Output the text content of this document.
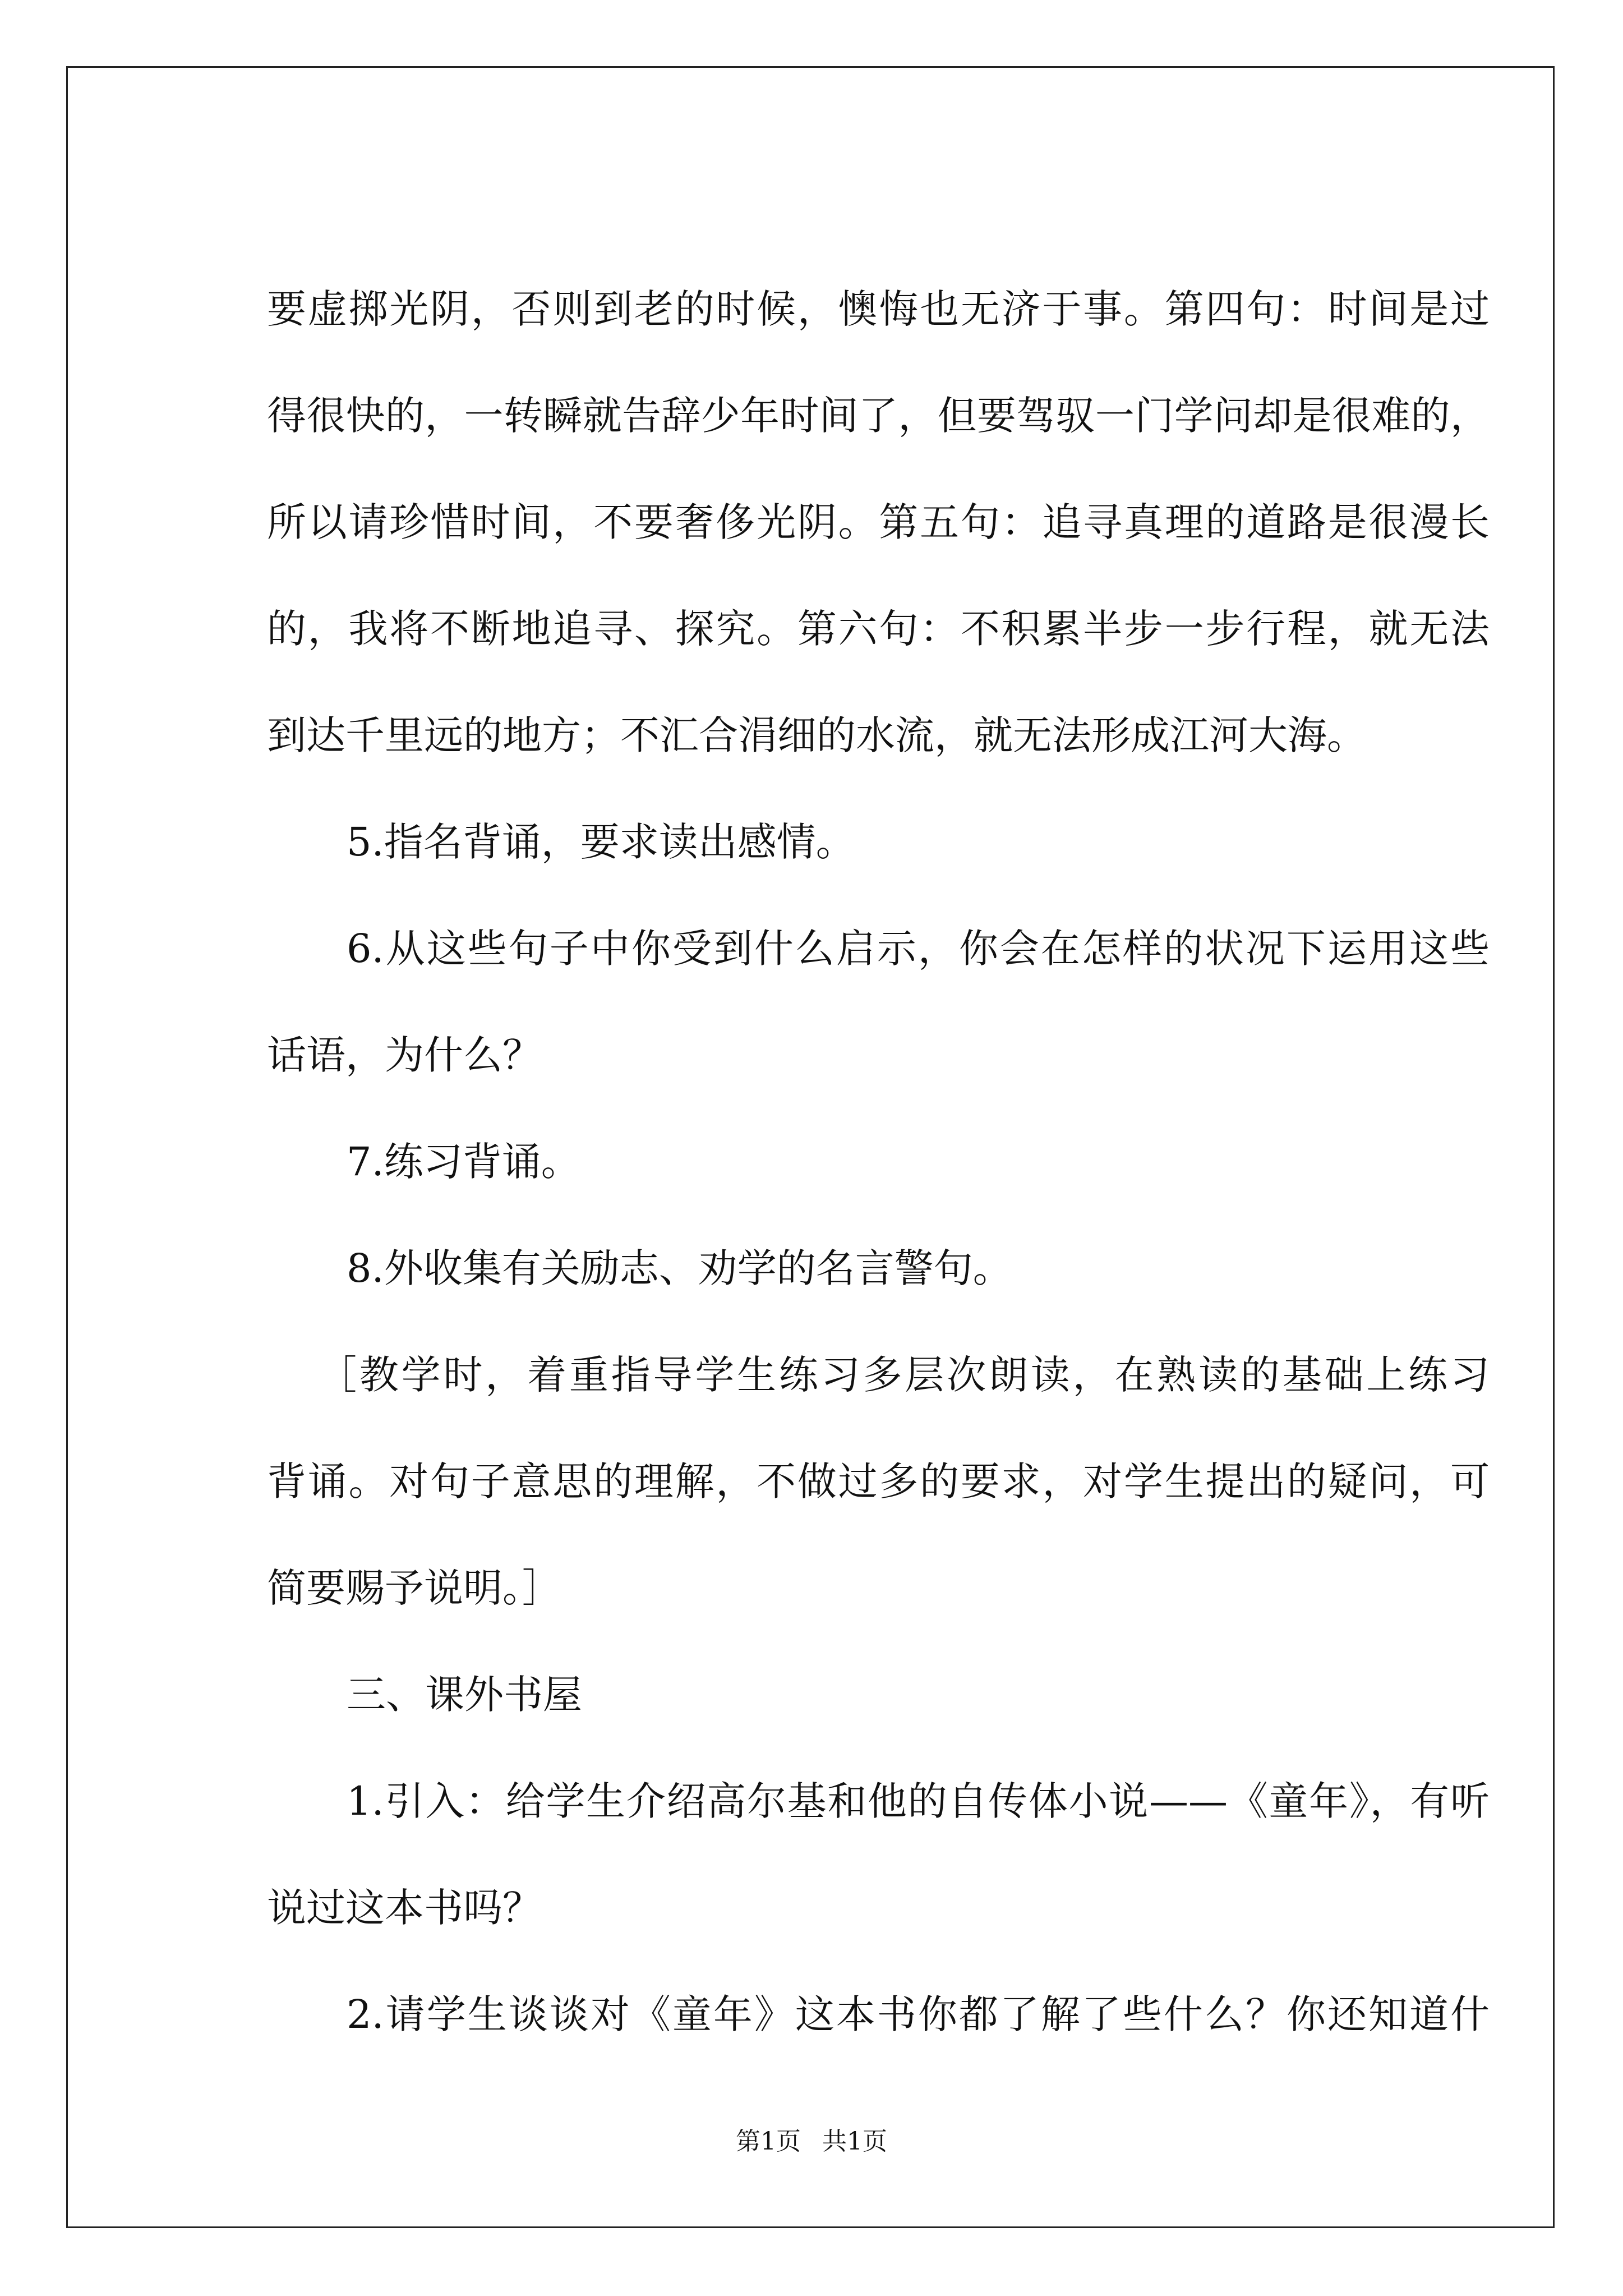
要虚掷光阴，否则到老的时候，懊悔也无济于事。第四句：时间是过
得很快的，一转瞬就告辞少年时间了，但要驾驭一门学问却是很难的，
所以请珍惜时间，不要奢侈光阴。第五句：追寻真理的道路是很漫长
的，我将不断地追寻、探究。第六句：不积累半步一步行程，就无法
到达千里远的地方；不汇合涓细的水流，就无法形成江河大海。
5.指名背诵，要求读出感情。
6.从这些句子中你受到什么启示，你会在怎样的状况下运用这些
话语，为什么？
7.练习背诵。
8.外收集有关励志、劝学的名言警句。
［教学时，着重指导学生练习多层次朗读，在熟读的基础上练习
背诵。对句子意思的理解，不做过多的要求，对学生提出的疑问，可
简要赐予说明。］
三、课外书屋
1.引入：给学生介绍高尔基和他的自传体小说——《童年》，有听
说过这本书吗？
2.请学生谈谈对《童年》这本书你都了解了些什么？你还知道什
第1页 共1页
